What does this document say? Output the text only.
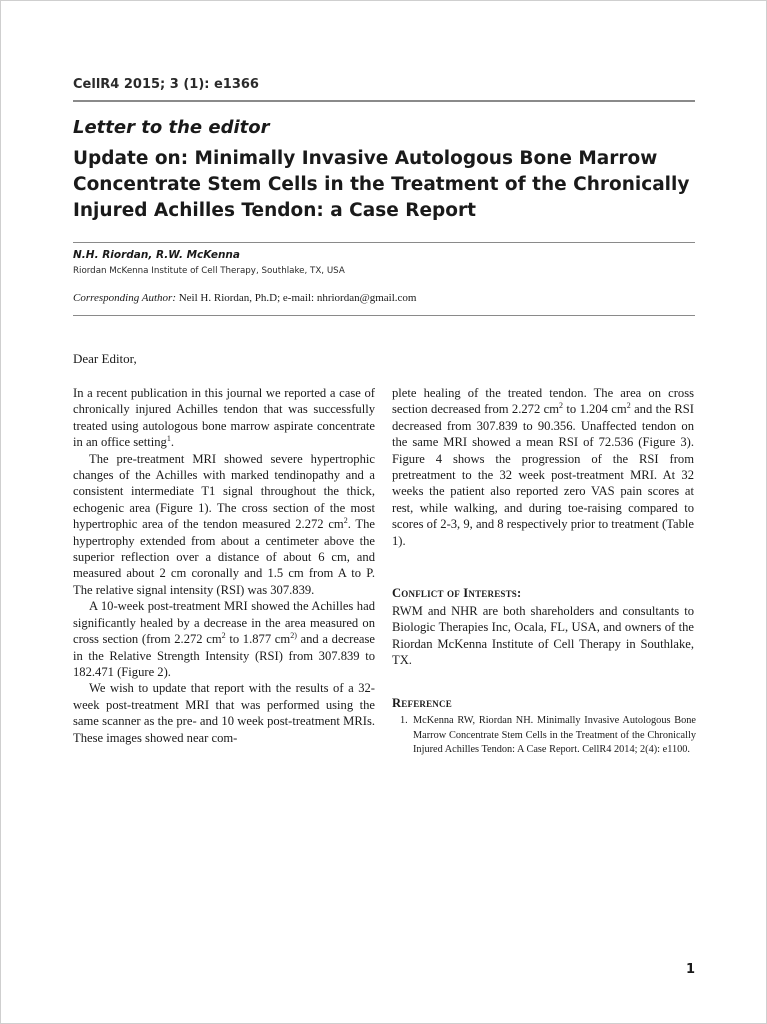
CellR4 2015; 3 (1): e1366
Letter to the editor
Update on: Minimally Invasive Autologous Bone Marrow Concentrate Stem Cells in the Treatment of the Chronically Injured Achilles Tendon: a Case Report
N.H. Riordan, R.W. McKenna
Riordan McKenna Institute of Cell Therapy, Southlake, TX, USA
Corresponding Author: Neil H. Riordan, Ph.D; e-mail: nhriordan@gmail.com
Dear Editor,

In a recent publication in this journal we reported a case of chronically injured Achilles tendon that was successfully treated using autologous bone marrow aspirate concentrate in an office setting$^1$.

The pre-treatment MRI showed severe hypertrophic changes of the Achilles with marked tendinopathy and a consistent intermediate T1 signal throughout the thick, echogenic area (Figure 1). The cross section of the most hypertrophic area of the tendon measured 2.272 $cm^2$. The hypertrophy extended from about a centimeter above the superior reflection over a distance of about 6 cm, and measured about 2 cm coronally and 1.5 cm from A to P. The relative signal intensity (RSI) was 307.839.

A 10-week post-treatment MRI showed the Achilles had significantly healed by a decrease in the area measured on cross section (from 2.272 $cm^2$ to 1.877 $cm^{2)}$ and a decrease in the Relative Strength Intensity (RSI) from 307.839 to 182.471 (Figure 2).

We wish to update that report with the results of a 32-week post-treatment MRI that was performed using the same scanner as the pre- and 10 week post-treatment MRIs. These images showed near com-

plete healing of the treated tendon. The area on cross section decreased from 2.272 $cm^2$ to 1.204 $cm^2$ and the RSI decreased from 307.839 to 90.356. Unaffected tendon on the same MRI showed a mean RSI of 72.536 (Figure 3). Figure 4 shows the progression of the RSI from pretreatment to the 32 week post-treatment MRI. At 32 weeks the patient also reported zero VAS pain scores at rest, while walking, and during toe-raising compared to scores of 2-3, 9, and 8 respectively prior to treatment (Table 1).

Conflict of Interests:

RWM and NHR are both shareholders and consultants to Biologic Therapies Inc, Ocala, FL, USA, and owners of the Riordan McKenna Institute of Cell Therapy in Southlake, TX.

Reference
1. McKenna RW, Riordan NH. Minimally Invasive Autologous Bone Marrow Concentrate Stem Cells in the Treatment of the Chronically Injured Achilles Tendon: A Case Report. CellR4 2014; 2(4): e1100.
1
